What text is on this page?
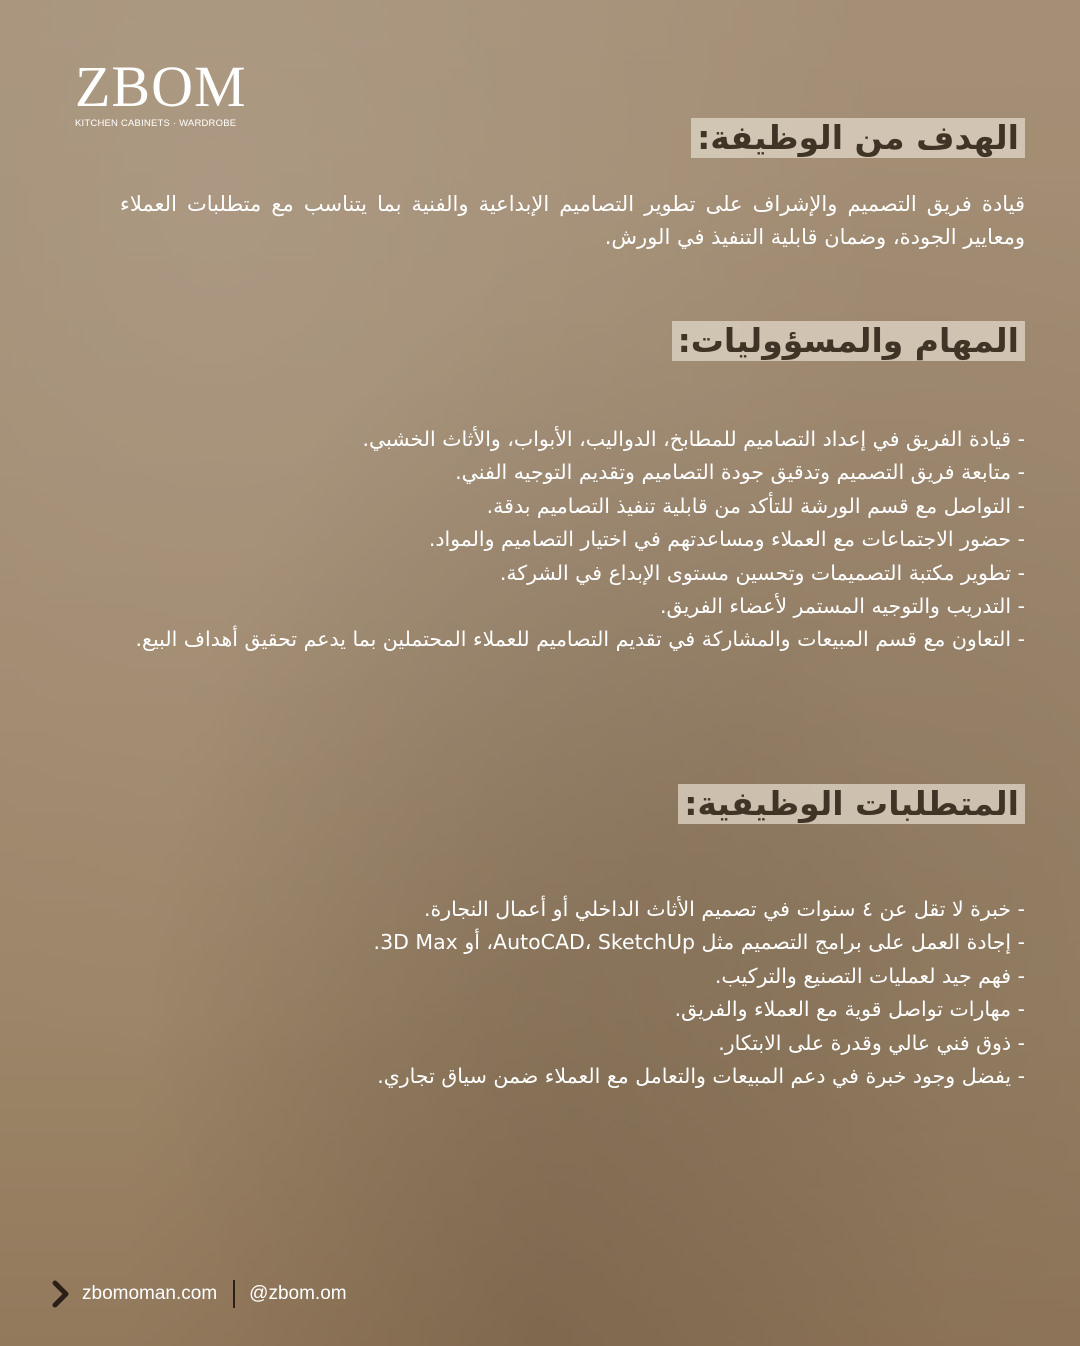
ZBOM
KITCHEN CABINETS · WARDROBE	الهدف من الوظيفة:
قيادة فريق التصميم والإشراف على تطوير التصاميم الإبداعية والفنية بما يتناسب مع متطلبات العملاء ومعايير الجودة، وضمان قابلية التنفيذ في الورش.
المهام والمسؤوليات:
- قيادة الفريق في إعداد التصاميم للمطابخ، الدواليب، الأبواب، والأثاث الخشبي.
- متابعة فريق التصميم وتدقيق جودة التصاميم وتقديم التوجيه الفني.
- التواصل مع قسم الورشة للتأكد من قابلية تنفيذ التصاميم بدقة.
- حضور الاجتماعات مع العملاء ومساعدتهم في اختيار التصاميم والمواد.
- تطوير مكتبة التصميمات وتحسين مستوى الإبداع في الشركة.
- التدريب والتوجيه المستمر لأعضاء الفريق.
- التعاون مع قسم المبيعات والمشاركة في تقديم التصاميم للعملاء المحتملين بما يدعم تحقيق أهداف البيع.
المتطلبات الوظيفية:
- خبرة لا تقل عن ٤ سنوات في تصميم الأثاث الداخلي أو أعمال النجارة.
- إجادة العمل على برامج التصميم مثل AutoCAD، SketchUp، أو 3D Max.
- فهم جيد لعمليات التصنيع والتركيب.
- مهارات تواصل قوية مع العملاء والفريق.
- ذوق فني عالي وقدرة على الابتكار.
- يفضل وجود خبرة في دعم المبيعات والتعامل مع العملاء ضمن سياق تجاري.
zbomoman.com @zbom.om
